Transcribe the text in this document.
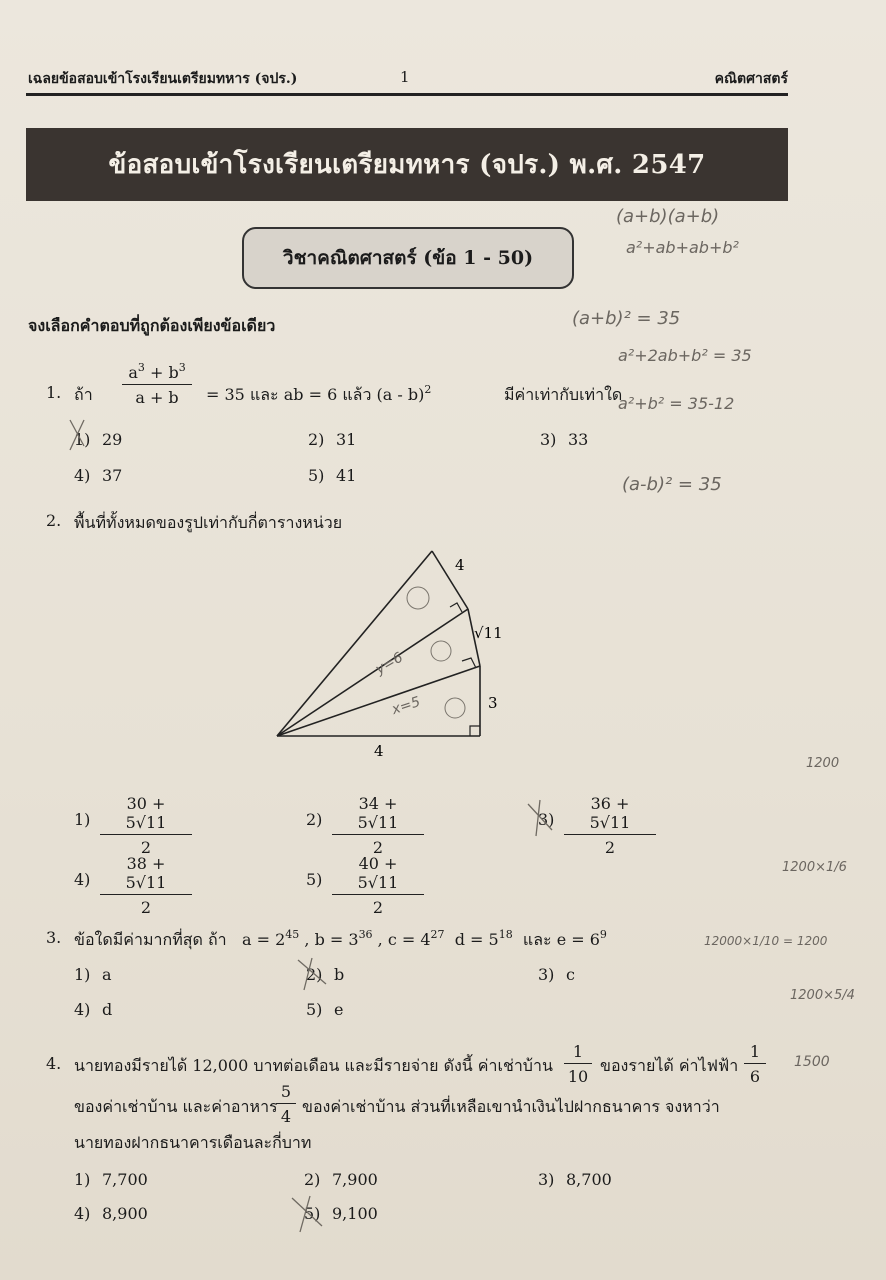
เฉลยข้อสอบเข้าโรงเรียนเตรียมทหาร (จปร.)	1	คณิตศาสตร์
ข้อสอบเข้าโรงเรียนเตรียมทหาร (จปร.) พ.ศ. 2547
วิชาคณิตศาสตร์ (ข้อ 1 - 50)
จงเลือกคำตอบที่ถูกต้องเพียงข้อเดียว
1. ถ้า $\frac{a^3 + b^3}{a + b} = 35$ และ ab = 6 แล้ว (a - b)$^2$	มีค่าเท่ากับเท่าใด
1) 29	2) 31	3) 33
4) 37	5) 41
2. พื้นที่ทั้งหมดของรูปเท่ากับกี่ตารางหน่วย
4
√11
3
4
y=6
x=5
$1) \frac{30 + 5√11}{2}$	$2) \frac{34 + 5√11}{2}$	$3) \frac{36 + 5√11}{2}$
$4) \frac{38 + 5√11}{2}$	$5) \frac{40 + 5√11}{2}$
3. ข้อใดมีค่ามากที่สุด ถ้า $a = 2^{45}$ , $b = 3^{36}$ , $c = 4^{27}$ $d = 5^{18}$ และ $e = 6^9$
1) a	2) b	3) c
4) d	5) e
4. นายทองมีรายได้ 12,000 บาทต่อเดือน และมีรายจ่าย ดังนี้ ค่าเช่าบ้าน $\frac{1}{10}$ ของรายได้ ค่าไฟฟ้า $\frac{1}{6}$
ของค่าเช่าบ้าน และค่าอาหาร
$\frac{5}{4}$ ของค่าเช่าบ้าน ส่วนที่เหลือเขานำเงินไปฝากธนาคาร จงหาว่า
นายทองฝากธนาคารเดือนละกี่บาท
1) 7,700	2) 7,900	3) 8,700
4) 8,900	5) 9,100
(a+b)(a+b)
a²+ab+ab+b²
(a+b)² = 35
a²+2ab+b² = 35
a²+b² = 35-12
(a-b)² = 35
1200
1200×1/6
12000×1/10 = 1200
1200×5/4
1500
